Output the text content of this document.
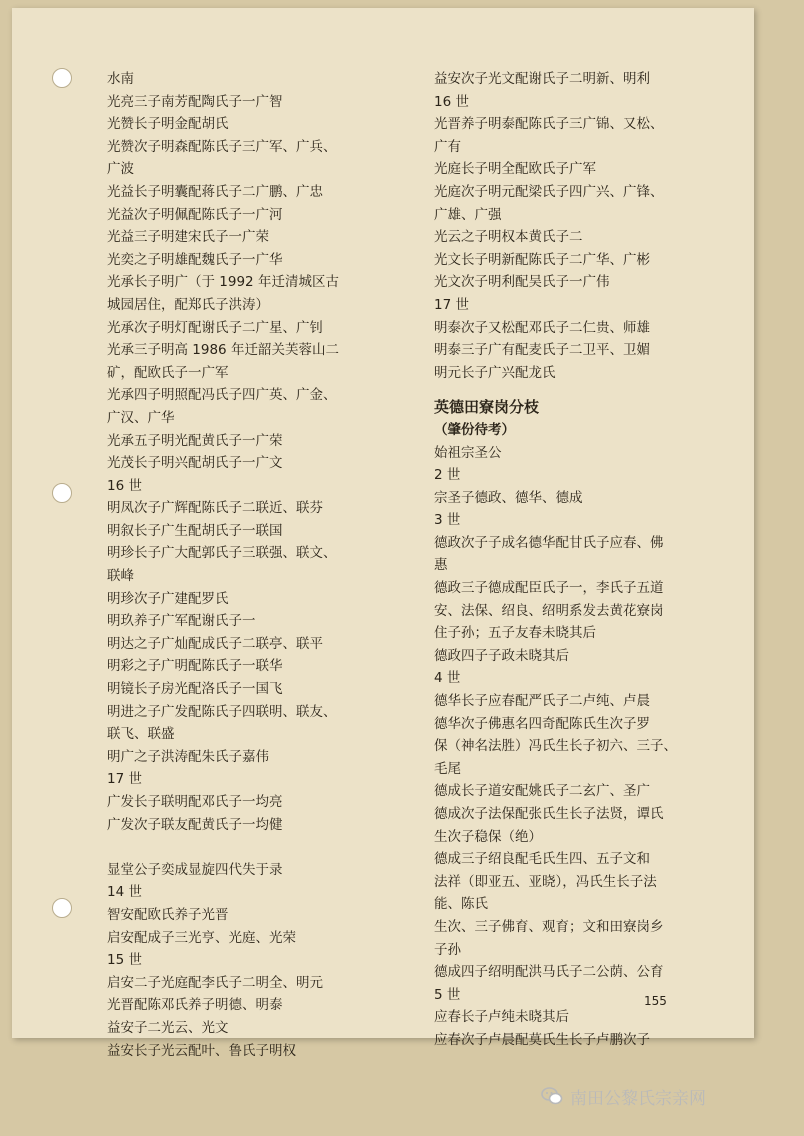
水南
光亮三子南芳配陶氏子一广智
光赞长子明金配胡氏
光赞次子明森配陈氏子三广军、广兵、
广波
光益长子明囊配蒋氏子二广鹏、广忠
光益次子明佩配陈氏子一广河
光益三子明建宋氏子一广荣
光奕之子明雄配魏氏子一广华
光承长子明广（于 1992 年迁清城区古
城园居住，配郑氏子洪涛）
光承次子明灯配谢氏子二广星、广钊
光承三子明高 1986 年迁韶关芙蓉山二
矿，配欧氏子一广军
光承四子明照配冯氏子四广英、广金、
广汉、广华
光承五子明光配黄氏子一广荣
光茂长子明兴配胡氏子一广文
16 世
明凤次子广辉配陈氏子二联近、联芬
明叙长子广生配胡氏子一联国
明珍长子广大配郭氏子三联强、联文、
联峰
明珍次子广建配罗氏
明玖养子广军配谢氏子一
明达之子广灿配成氏子二联亭、联平
明彩之子广明配陈氏子一联华
明镜长子房光配洛氏子一国飞
明进之子广发配陈氏子四联明、联友、
联飞、联盛
明广之子洪涛配朱氏子嘉伟
17 世
广发长子联明配邓氏子一均亮
广发次子联友配黄氏子一均健
显堂公子奕成显旋四代失于录
14 世
智安配欧氏养子光晋
启安配成子三光亨、光庭、光荣
15 世
启安二子光庭配李氏子二明全、明元
光晋配陈邓氏养子明德、明泰
益安子二光云、光文
益安长子光云配叶、鲁氏子明权
益安次子光文配谢氏子二明新、明利
16 世
光晋养子明泰配陈氏子三广锦、又松、
广有
光庭长子明全配欧氏子广军
光庭次子明元配梁氏子四广兴、广锋、
广雄、广强
光云之子明权本黄氏子二
光文长子明新配陈氏子二广华、广彬
光文次子明利配吴氏子一广伟
17 世
明泰次子又松配邓氏子二仁贵、师雄
明泰三子广有配麦氏子二卫平、卫媚
明元长子广兴配龙氏
英德田寮岗分枝
（肇份待考）
始祖宗圣公
2 世
宗圣子德政、德华、德成
3 世
德政次子子成名德华配甘氏子应春、佛
惠
德政三子德成配臣氏子一，李氏子五道
安、法保、绍良、绍明系发去黄花寮岗
住子孙；五子友春未晓其后
德政四子子政未晓其后
4 世
德华长子应春配严氏子二卢纯、卢晨
德华次子佛惠名四奇配陈氏生次子罗
保（神名法胜）冯氏生长子初六、三子、
毛尾
德成长子道安配姚氏子二玄广、圣广
德成次子法保配张氏生长子法贤，谭氏
生次子稳保（绝）
德成三子绍良配毛氏生四、五子文和
法祥（即亚五、亚晓），冯氏生长子法
能、陈氏
生次、三子佛育、观育；文和田寮岗乡
子孙
德成四子绍明配洪马氏子二公荫、公育
5 世
应春长子卢纯未晓其后
应春次子卢晨配莫氏生长子卢鹏次子
155
南田公黎氏宗亲网
